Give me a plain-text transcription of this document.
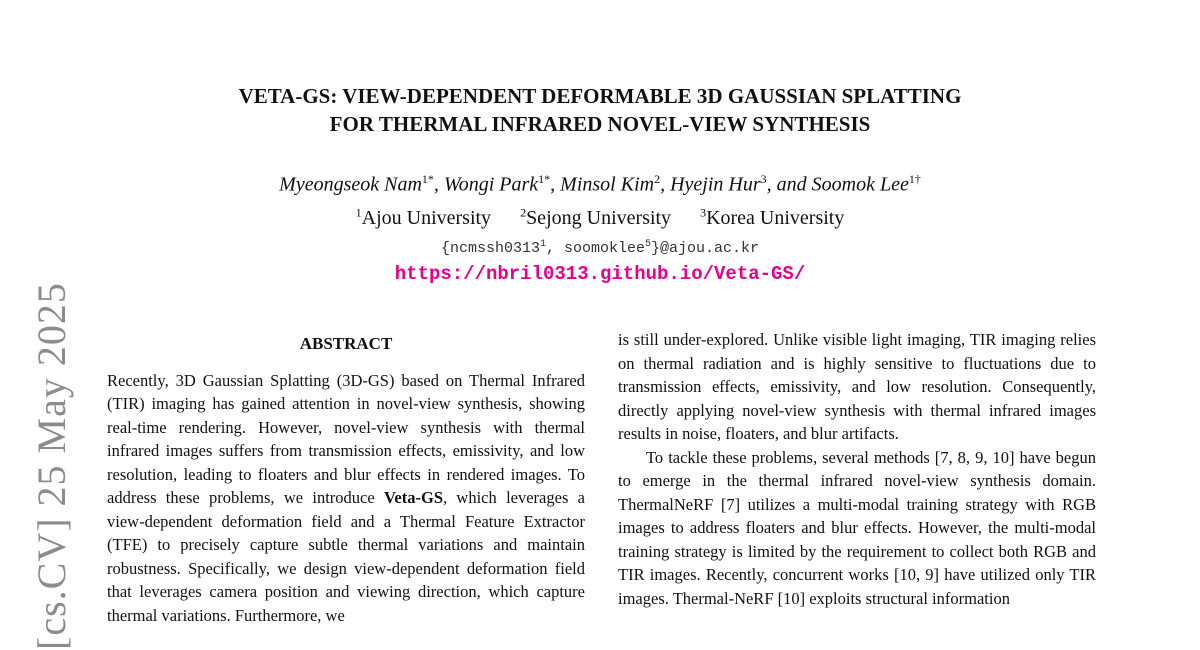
[cs.CV] 25 May 2025
VETA-GS: VIEW-DEPENDENT DEFORMABLE 3D GAUSSIAN SPLATTING
FOR THERMAL INFRARED NOVEL-VIEW SYNTHESIS
Myeongseok Nam$^{1*}$, Wongi Park$^{1*}$, Minsol Kim$^2$, Hyejin Hur$^3$, and Soomok Lee$^{1\dagger}$
$^1$Ajou University $^2$Sejong University $^3$Korea University
{ncmssh0313$^1$, soomoklee$^5$}@ajou.ac.kr
https://nbril0313.github.io/Veta-GS/
ABSTRACT

Recently, 3D Gaussian Splatting (3D-GS) based on Thermal Infrared (TIR) imaging has gained attention in novel-view synthesis, showing real-time rendering. However, novel-view synthesis with thermal infrared images suffers from transmission effects, emissivity, and low resolution, leading to floaters and blur effects in rendered images. To address these problems, we introduce Veta-GS, which leverages a view-dependent deformation field and a Thermal Feature Extractor (TFE) to precisely capture subtle thermal variations and maintain robustness. Specifically, we design view-dependent deformation field that leverages camera position and viewing direction, which capture thermal variations. Furthermore, we

is still under-explored. Unlike visible light imaging, TIR imaging relies on thermal radiation and is highly sensitive to fluctuations due to transmission effects, emissivity, and low resolution. Consequently, directly applying novel-view synthesis with thermal infrared images results in noise, floaters, and blur artifacts.

To tackle these problems, several methods [7, 8, 9, 10] have begun to emerge in the thermal infrared novel-view synthesis domain. ThermalNeRF [7] utilizes a multi-modal training strategy with RGB images to address floaters and blur effects. However, the multi-modal training strategy is limited by the requirement to collect both RGB and TIR images. Recently, concurrent works [10, 9] have utilized only TIR images. Thermal-NeRF [10] exploits structural information
